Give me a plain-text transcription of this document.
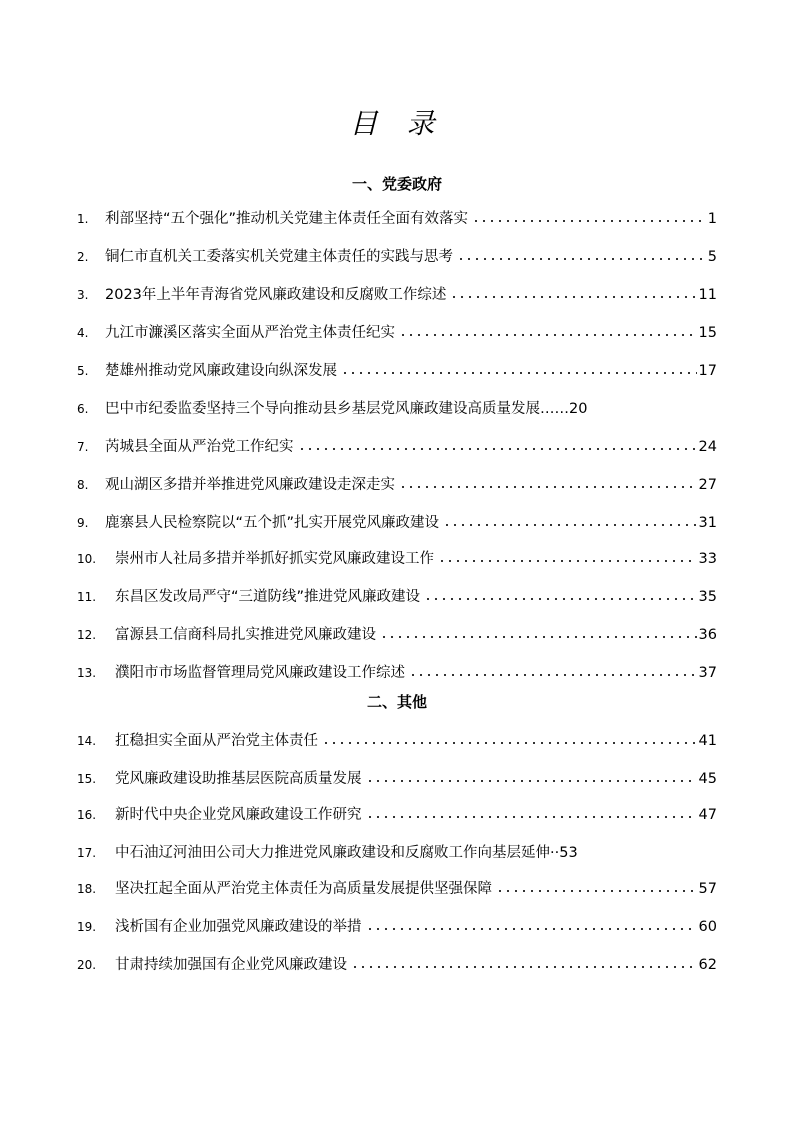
目 录
一、党委政府
1.	利部坚持“五个强化”推动机关党建主体责任全面有效落实	1
2.	铜仁市直机关工委落实机关党建主体责任的实践与思考	5
3.	2023年上半年青海省党风廉政建设和反腐败工作综述	11
4.	九江市濂溪区落实全面从严治党主体责任纪实	15
5.	楚雄州推动党风廉政建设向纵深发展	17
6.	巴中市纪委监委坚持三个导向推动县乡基层党风廉政建设高质量发展…… 20
7.	芮城县全面从严治党工作纪实	24
8.	观山湖区多措并举推进党风廉政建设走深走实	27
9.	鹿寨县人民检察院以“五个抓”扎实开展党风廉政建设	31
10.	崇州市人社局多措并举抓好抓实党风廉政建设工作	33
11.	东昌区发改局严守“三道防线”推进党风廉政建设	35
12.	富源县工信商科局扎实推进党风廉政建设	36
13.	濮阳市市场监督管理局党风廉政建设工作综述	37
二、其他
14.	扛稳担实全面从严治党主体责任	41
15.	党风廉政建设助推基层医院高质量发展	45
16.	新时代中央企业党风廉政建设工作研究	47
17.	中石油辽河油田公司大力推进党风廉政建设和反腐败工作向基层延伸·· 53
18.	坚决扛起全面从严治党主体责任为高质量发展提供坚强保障	57
19.	浅析国有企业加强党风廉政建设的举措	60
20.	甘肃持续加强国有企业党风廉政建设	62
